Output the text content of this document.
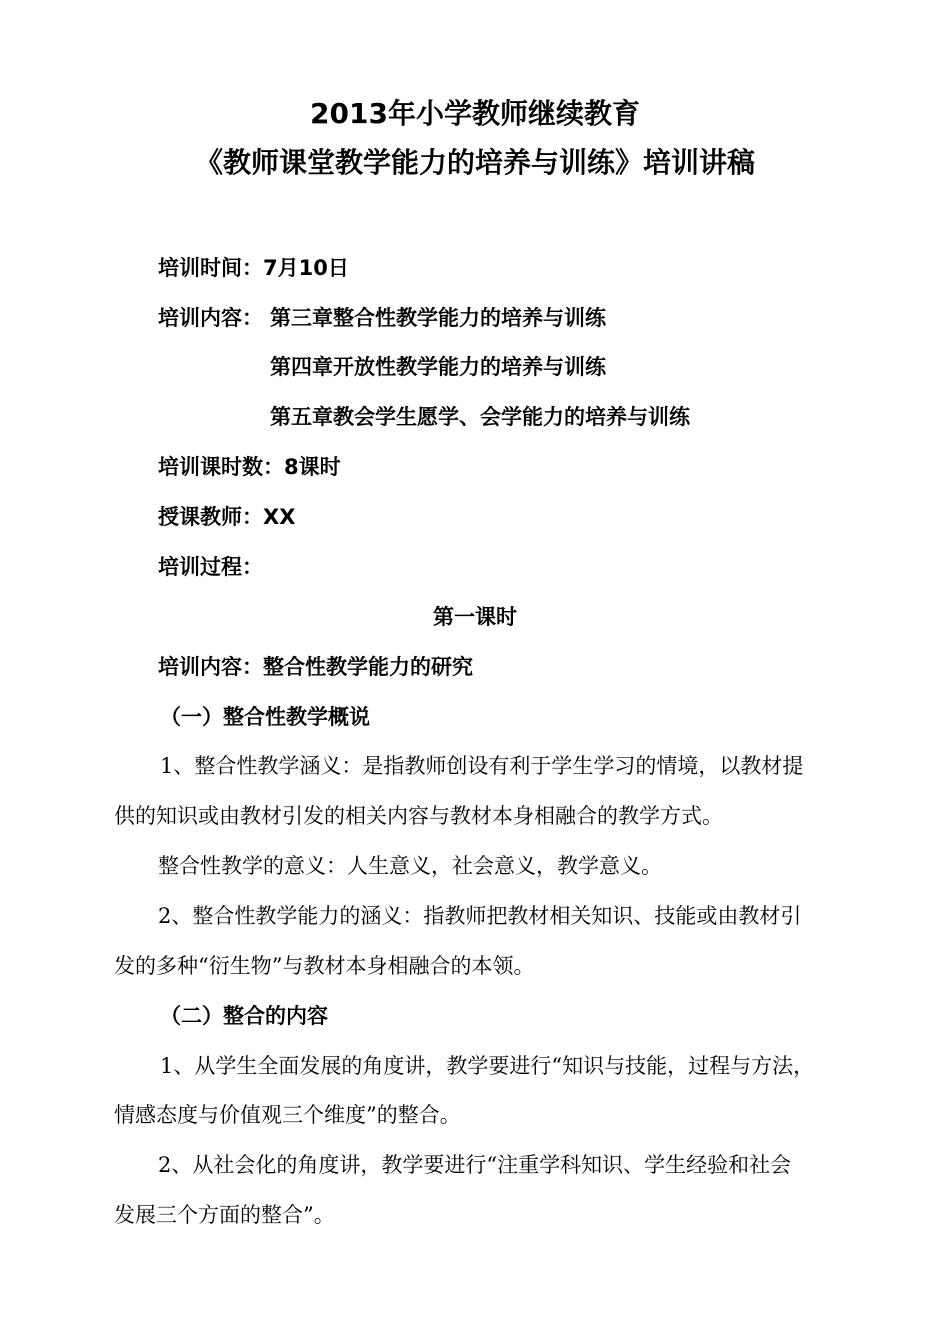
2013年小学教师继续教育
《教师课堂教学能力的培养与训练》培训讲稿
培训时间：7月10日
培训内容： 第三章整合性教学能力的培养与训练
第四章开放性教学能力的培养与训练
第五章教会学生愿学、会学能力的培养与训练
培训课时数：8课时
授课教师：XX
培训过程：
第一课时
培训内容：整合性教学能力的研究
（一）整合性教学概说
1、整合性教学涵义：是指教师创设有利于学生学习的情境，以教材提
供的知识或由教材引发的相关内容与教材本身相融合的教学方式。
整合性教学的意义：人生意义，社会意义，教学意义。
2、整合性教学能力的涵义：指教师把教材相关知识、技能或由教材引
发的多种“衍生物”与教材本身相融合的本领。
（二）整合的内容
1、从学生全面发展的角度讲，教学要进行“知识与技能，过程与方法，
情感态度与价值观三个维度”的整合。
2、从社会化的角度讲，教学要进行“注重学科知识、学生经验和社会
发展三个方面的整合”。
